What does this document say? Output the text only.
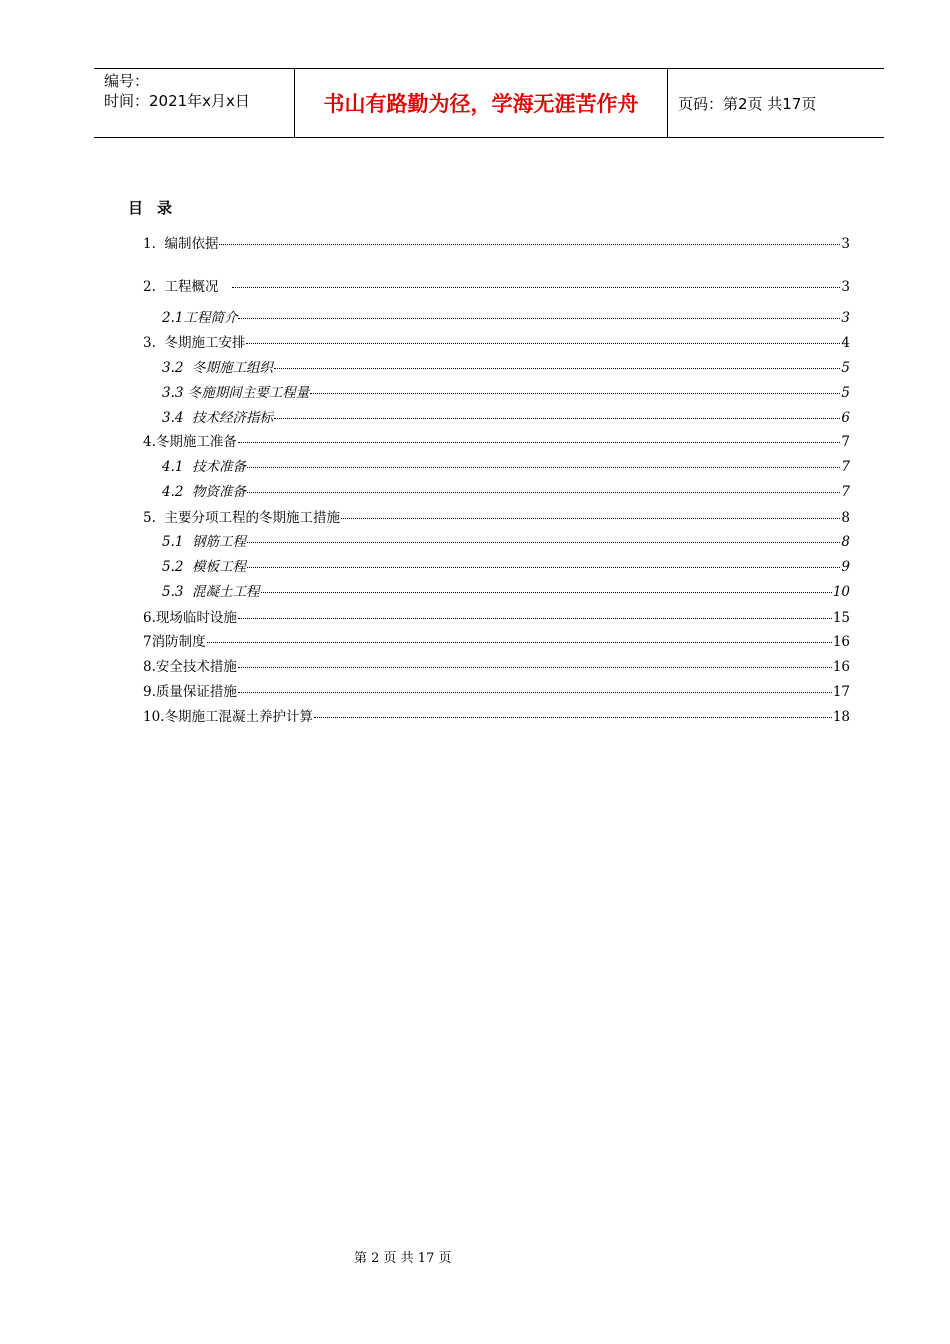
编号：
时间：2021年x月x日	书山有路勤为径，学海无涯苦作舟	页码：第2页 共17页
目录
1.  编制依据	3
2.  工程概况	3
2.1工程简介	3
3.  冬期施工安排	4
3.2  冬期施工组织	5
3.3 冬施期间主要工程量	5
3.4  技术经济指标	6
4.冬期施工准备	7
4.1  技术准备	7
4.2  物资准备	7
5.  主要分项工程的冬期施工措施	8
5.1  钢筋工程	8
5.2  模板工程	9
5.3  混凝土工程	10
6.现场临时设施	15
7消防制度	16
8.安全技术措施	16
9.质量保证措施	17
10.冬期施工混凝土养护计算	18
第 2 页 共 17 页
